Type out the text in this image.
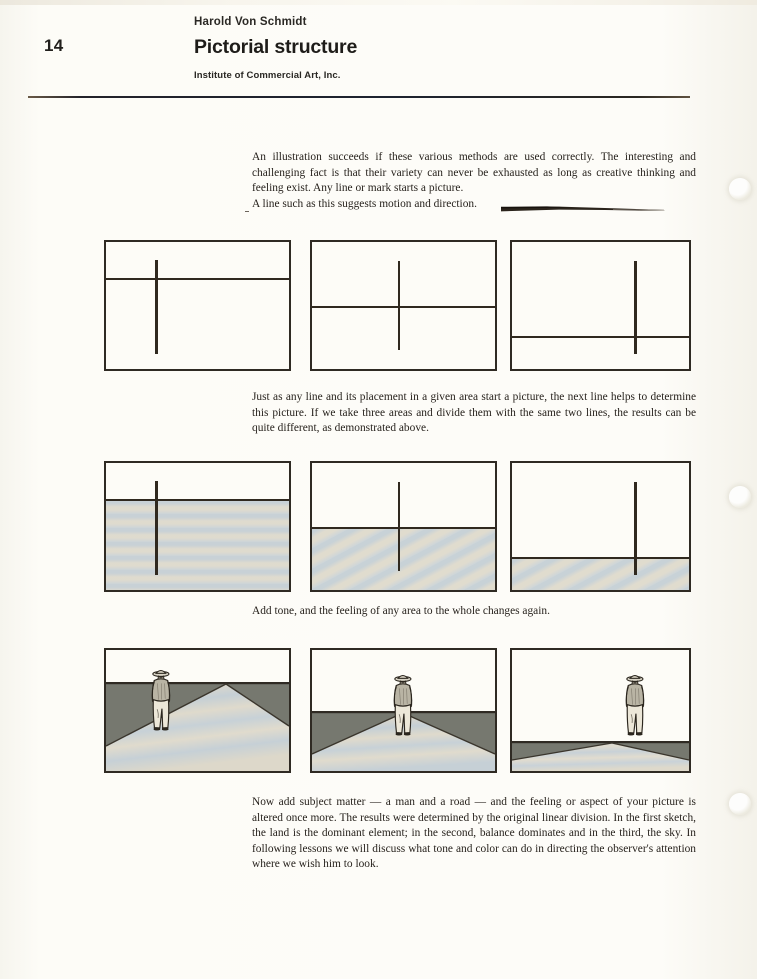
14
Harold Von Schmidt
Pictorial structure
Institute of Commercial Art, Inc.
An illustration succeeds if these various methods are used correctly. The interesting and challenging fact is that their variety can never be exhausted as long as creative thinking and feeling exist. Any line or mark starts a picture.
A line such as this suggests motion and direction.
Just as any line and its placement in a given area start a picture, the next line helps to determine this picture. If we take three areas and divide them with the same two lines, the results can be quite different, as demonstrated above.
Add tone, and the feeling of any area to the whole changes again.
Now add subject matter — a man and a road — and the feeling or aspect of your picture is altered once more. The results were determined by the original linear division. In the first sketch, the land is the dominant element; in the second, balance dominates and in the third, the sky. In following lessons we will discuss what tone and color can do in directing the observer's attention where we wish him to look.
